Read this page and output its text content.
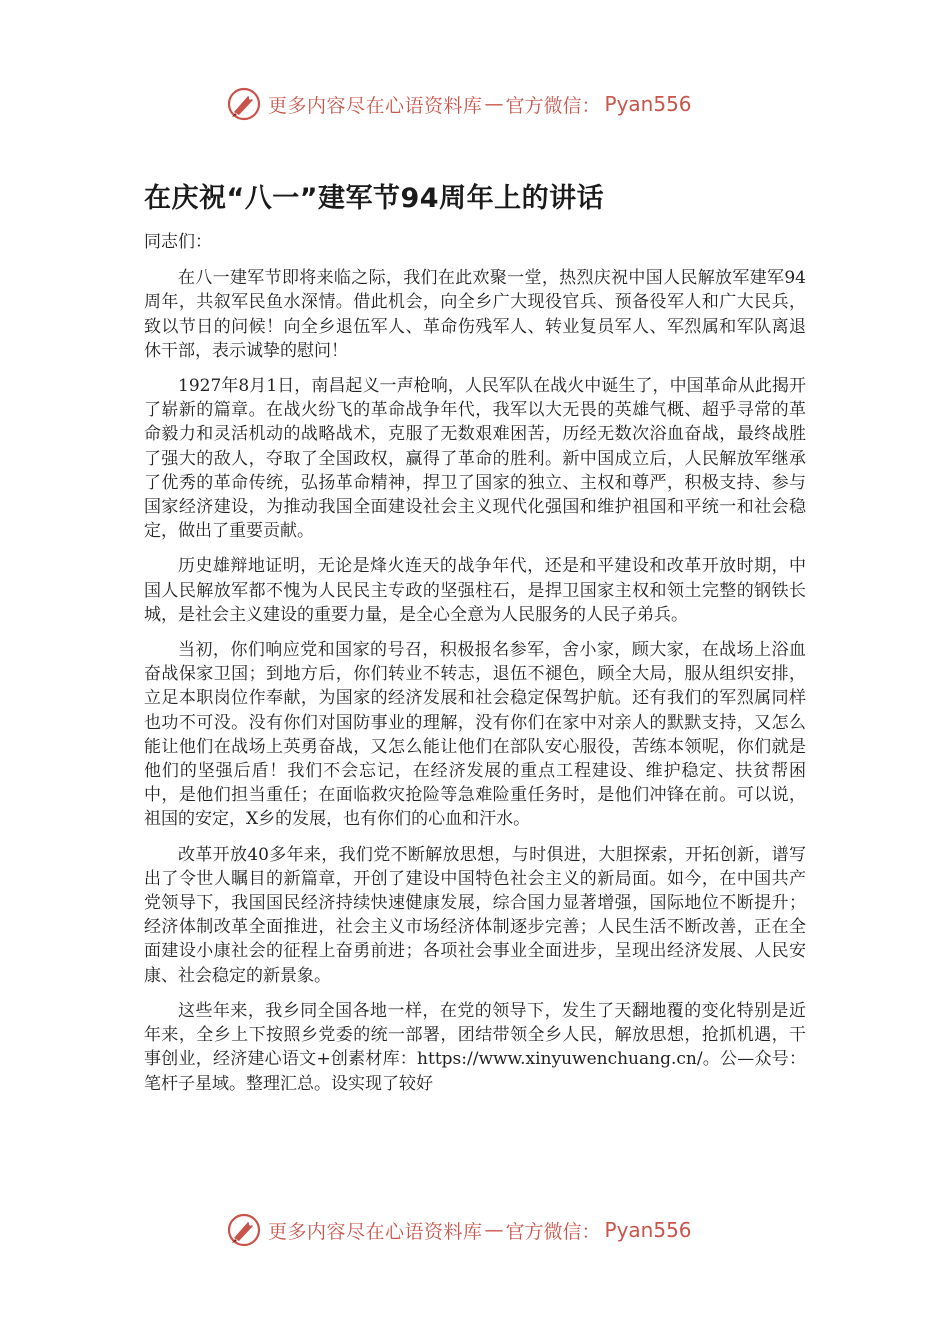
更多内容尽在心语资料库 — 官方微信： Pyan556
在庆祝“八一”建军节94周年上的讲话

同志们：

在八一建军节即将来临之际，我们在此欢聚一堂，热烈庆祝中国人民解放军建军94周年，共叙军民鱼水深情。借此机会，向全乡广大现役官兵、预备役军人和广大民兵，致以节日的问候！向全乡退伍军人、革命伤残军人、转业复员军人、军烈属和军队离退休干部，表示诚挚的慰问！

1927年8月1日，南昌起义一声枪响，人民军队在战火中诞生了，中国革命从此揭开了崭新的篇章。在战火纷飞的革命战争年代，我军以大无畏的英雄气概、超乎寻常的革命毅力和灵活机动的战略战术，克服了无数艰难困苦，历经无数次浴血奋战，最终战胜了强大的敌人，夺取了全国政权，赢得了革命的胜利。新中国成立后，人民解放军继承了优秀的革命传统，弘扬革命精神，捍卫了国家的独立、主权和尊严，积极支持、参与国家经济建设，为推动我国全面建设社会主义现代化强国和维护祖国和平统一和社会稳定，做出了重要贡献。

历史雄辩地证明，无论是烽火连天的战争年代，还是和平建设和改革开放时期，中国人民解放军都不愧为人民民主专政的坚强柱石，是捍卫国家主权和领土完整的钢铁长城，是社会主义建设的重要力量，是全心全意为人民服务的人民子弟兵。

当初，你们响应党和国家的号召，积极报名参军，舍小家，顾大家，在战场上浴血奋战保家卫国；到地方后，你们转业不转志，退伍不褪色，顾全大局，服从组织安排，立足本职岗位作奉献，为国家的经济发展和社会稳定保驾护航。还有我们的军烈属同样也功不可没。没有你们对国防事业的理解，没有你们在家中对亲人的默默支持，又怎么能让他们在战场上英勇奋战，又怎么能让他们在部队安心服役，苦练本领呢，你们就是他们的坚强后盾！我们不会忘记，在经济发展的重点工程建设、维护稳定、扶贫帮困中，是他们担当重任；在面临救灾抢险等急难险重任务时，是他们冲锋在前。可以说，祖国的安定，X乡的发展，也有你们的心血和汗水。

改革开放40多年来，我们党不断解放思想，与时俱进，大胆探索，开拓创新，谱写出了令世人瞩目的新篇章，开创了建设中国特色社会主义的新局面。如今，在中国共产党领导下，我国国民经济持续快速健康发展，综合国力显著增强，国际地位不断提升；经济体制改革全面推进，社会主义市场经济体制逐步完善；人民生活不断改善，正在全面建设小康社会的征程上奋勇前进；各项社会事业全面进步，呈现出经济发展、人民安康、社会稳定的新景象。

这些年来，我乡同全国各地一样，在党的领导下，发生了天翻地覆的变化特别是近年来，全乡上下按照乡党委的统一部署，团结带领全乡人民，解放思想，抢抓机遇，干事创业，经济建心语文+创素材库：https://www.xinyuwenchuang.cn/。公—众号：笔杆子星域。整理汇总。设实现了较好

更多内容尽在心语资料库 — 官方微信： Pyan556
